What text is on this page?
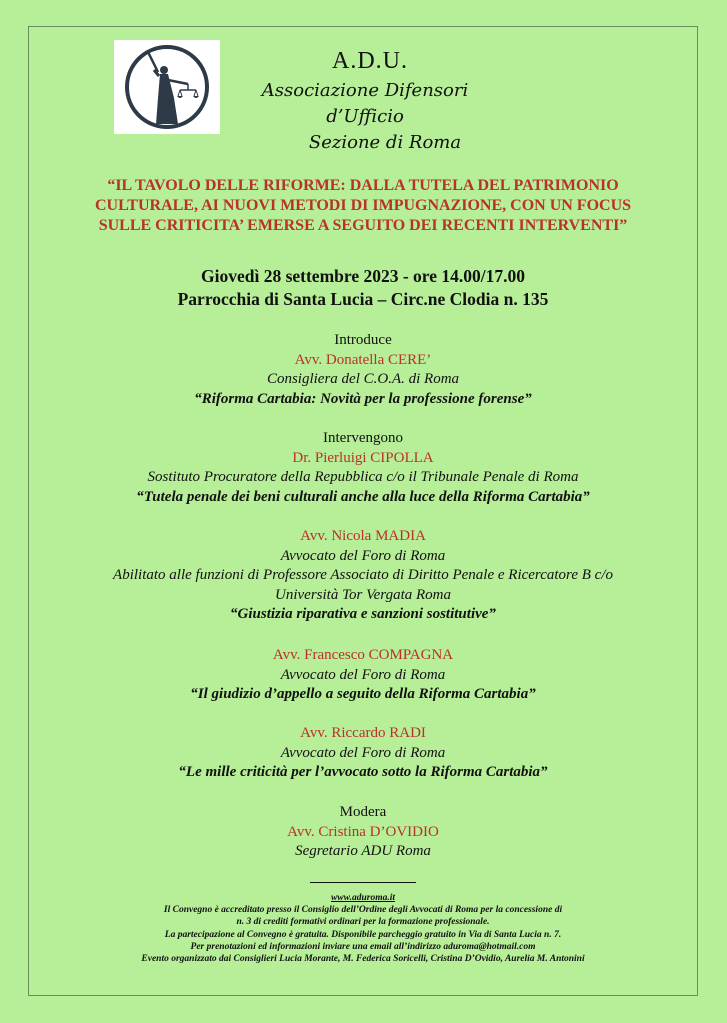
A.D.U.
Associazione Difensori d’Ufficio
Sezione di Roma
“IL TAVOLO DELLE RIFORME: DALLA TUTELA DEL PATRIMONIO
CULTURALE, AI NUOVI METODI DI IMPUGNAZIONE, CON UN FOCUS
SULLE CRITICITA’ EMERSE A SEGUITO DEI RECENTI INTERVENTI”
Giovedì 28 settembre 2023 - ore 14.00/17.00
Parrocchia di Santa Lucia – Circ.ne Clodia n. 135
Introduce
Avv. Donatella CERE’
Consigliera del C.O.A. di Roma
“Riforma Cartabia: Novità per la professione forense”
Intervengono
Dr. Pierluigi CIPOLLA
Sostituto Procuratore della Repubblica c/o il Tribunale Penale di Roma
“Tutela penale dei beni culturali anche alla luce della Riforma Cartabia”
Avv. Nicola MADIA
Avvocato del Foro di Roma
Abilitato alle funzioni di Professore Associato di Diritto Penale e Ricercatore B c/o
Università Tor Vergata Roma
“Giustizia riparativa e sanzioni sostitutive”
Avv. Francesco COMPAGNA
Avvocato del Foro di Roma
“Il giudizio d’appello a seguito della Riforma Cartabia”
Avv. Riccardo RADI
Avvocato del Foro di Roma
“Le mille criticità per l’avvocato sotto la Riforma Cartabia”
Modera
Avv. Cristina D’OVIDIO
Segretario ADU Roma
www.aduroma.it
Il Convegno è accreditato presso il Consiglio dell’Ordine degli Avvocati di Roma per la concessione di
n. 3 di crediti formativi ordinari per la formazione professionale.
La partecipazione al Convegno è gratuita. Disponibile parcheggio gratuito in Via di Santa Lucia n. 7.
Per prenotazioni ed informazioni inviare una email all’indirizzo aduroma@hotmail.com
Evento organizzato dai Consiglieri Lucia Morante, M. Federica Soricelli, Cristina D’Ovidio, Aurelia M. Antonini
